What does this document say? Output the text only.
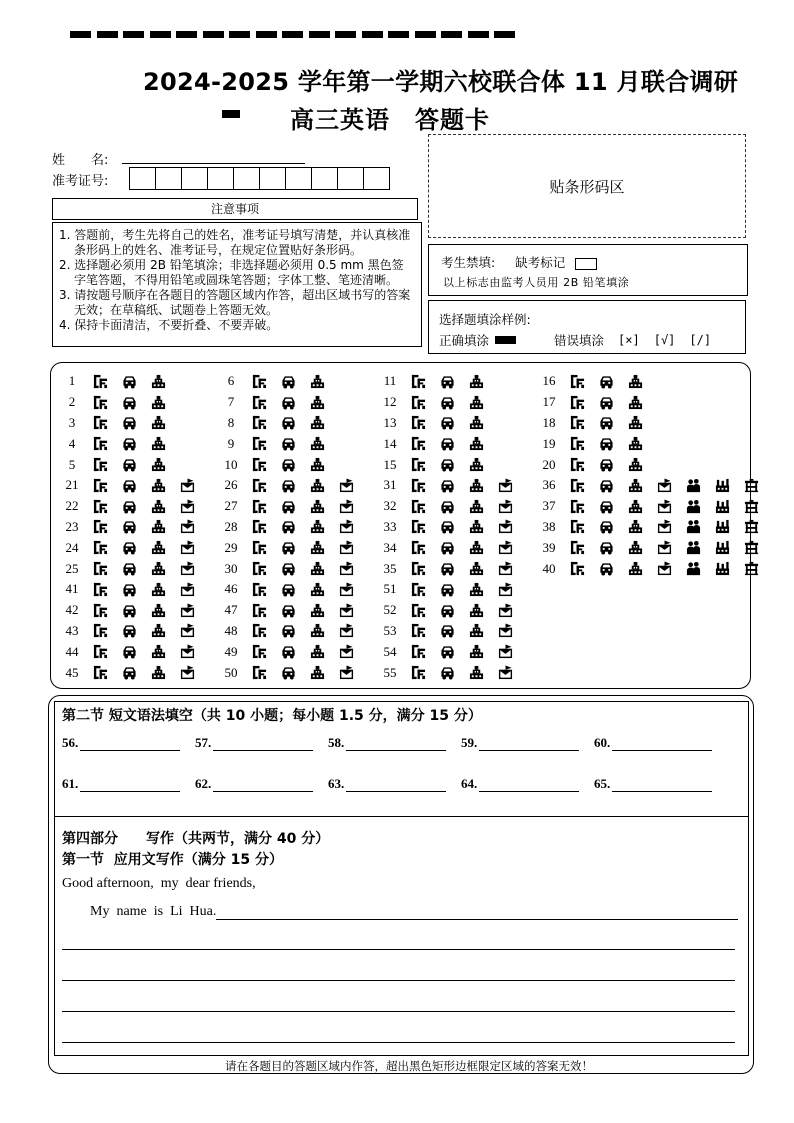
2024-2025 学年第一学期六校联合体 11 月联合调研
高三英语　答题卡
姓　　名:
准考证号:	贴条形码区
注意事项
1. 答题前，考生先将自己的姓名，准考证号填写清楚，并认真核准条形码上的姓名、准考证号，在规定位置贴好条形码。
2. 选择题必须用 2B 铅笔填涂；非选择题必须用 0.5 mm 黑色签字笔答题，不得用铅笔或圆珠笔答题；字体工整、笔迹清晰。
3. 请按题号顺序在各题目的答题区域内作答，超出区域书写的答案无效；在草稿纸、试题卷上答题无效。
4. 保持卡面清洁，不要折叠、不要弄破。
考生禁填: 缺考标记
以上标志由监考人员用 2B 铅笔填涂
选择题填涂样例:
正确填涂	错误填涂 [×] [√] [/]
1
2
3
4
5
6
7
8
9
10
11
12
13
14
15
16
17
18
19
20
21
22
23
24
25
26
27
28
29
30
31
32
33
34
35
36
37
38
39
40
41
42
43
44
45
46
47
48
49
50
51
52
53
54
55
第二节 短文语法填空（共 10 小题；每小题 1.5 分，满分 15 分）
56.	57.	58.	59.	60.
61.	62.	63.	64.	65.
第四部分　　写作（共两节，满分 40 分）
第一节  应用文写作（满分 15 分）
Good afternoon,  my  dear friends,
My  name  is  Li  Hua.
请在各题目的答题区域内作答，超出黑色矩形边框限定区域的答案无效！
